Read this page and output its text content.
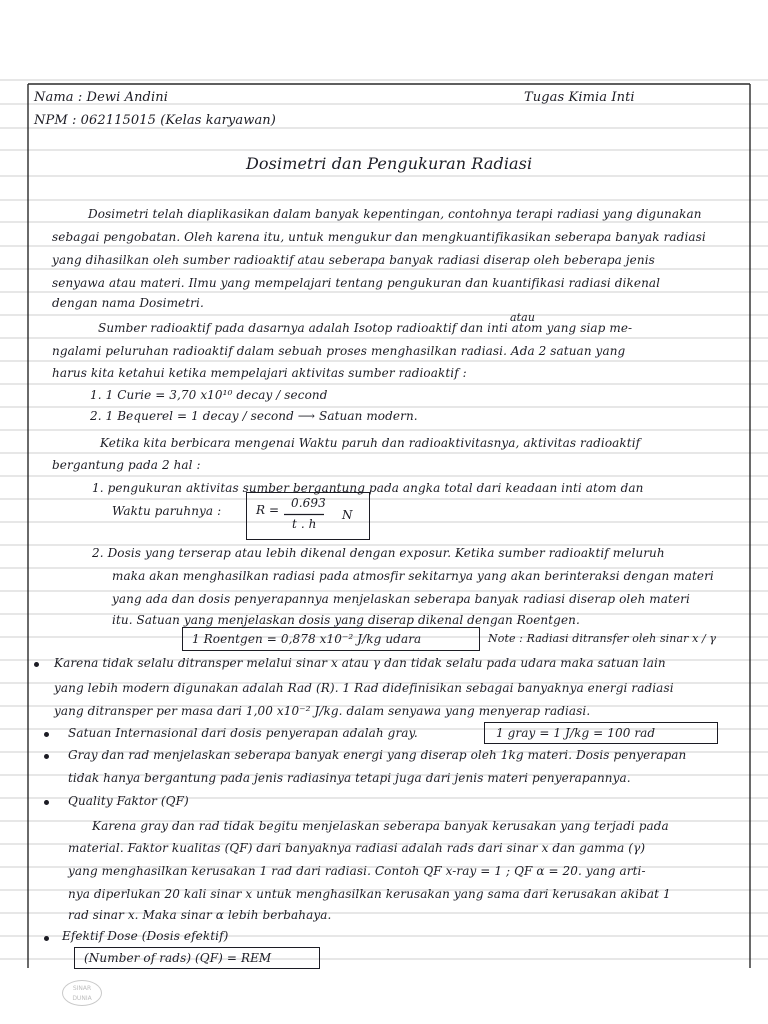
Nama : Dewi Andini
NPM : 062115015 (Kelas karyawan)
Tugas Kimia Inti
Dosimetri dan Pengukuran Radiasi
Dosimetri telah diaplikasikan dalam banyak kepentingan, contohnya terapi radiasi yang digunakan
sebagai pengobatan. Oleh karena itu, untuk mengukur dan mengkuantifikasikan seberapa banyak radiasi
yang dihasilkan oleh sumber radioaktif atau seberapa banyak radiasi diserap oleh beberapa jenis
senyawa atau materi. Ilmu yang mempelajari tentang pengukuran dan kuantifikasi radiasi dikenal
dengan nama Dosimetri.
atau
Sumber radioaktif pada dasarnya adalah Isotop radioaktif dan inti atom yang siap me-
ngalami peluruhan radioaktif dalam sebuah proses menghasilkan radiasi. Ada 2 satuan yang
harus kita ketahui ketika mempelajari aktivitas sumber radioaktif :
1. 1 Curie = 3,70 x10¹⁰ decay / second
2. 1 Bequerel = 1 decay / second ⟶ Satuan modern.
Ketika kita berbicara mengenai Waktu paruh dan radioaktivitasnya, aktivitas radioaktif
bergantung pada 2 hal :
1. pengukuran aktivitas sumber bergantung pada angka total dari keadaan inti atom dan
Waktu paruhnya :	R = 0.693
t . h
N
2. Dosis yang terserap atau lebih dikenal dengan exposur. Ketika sumber radioaktif meluruh
maka akan menghasilkan radiasi pada atmosfir sekitarnya yang akan berinteraksi dengan materi
yang ada dan dosis penyerapannya menjelaskan seberapa banyak radiasi diserap oleh materi
itu. Satuan yang menjelaskan dosis yang diserap dikenal dengan Roentgen.
1 Roentgen = 0,878 x10⁻² J/kg udara	Note : Radiasi ditransfer oleh sinar x / γ
Karena tidak selalu ditransper melalui sinar x atau γ dan tidak selalu pada udara maka satuan lain
yang lebih modern digunakan adalah Rad (R). 1 Rad didefinisikan sebagai banyaknya energi radiasi
yang ditransper per masa dari 1,00 x10⁻² J/kg. dalam senyawa yang menyerap radiasi.
Satuan Internasional dari dosis penyerapan adalah gray.	1 gray = 1 J/kg = 100 rad
Gray dan rad menjelaskan seberapa banyak energi yang diserap oleh 1kg materi. Dosis penyerapan
tidak hanya bergantung pada jenis radiasinya tetapi juga dari jenis materi penyerapannya.
Quality Faktor (QF)
Karena gray dan rad tidak begitu menjelaskan seberapa banyak kerusakan yang terjadi pada
material. Faktor kualitas (QF) dari banyaknya radiasi adalah rads dari sinar x dan gamma (γ)
yang menghasilkan kerusakan 1 rad dari radiasi. Contoh QF x-ray = 1 ; QF α = 20. yang arti-
nya diperlukan 20 kali sinar x untuk menghasilkan kerusakan yang sama dari kerusakan akibat 1
rad sinar x. Maka sinar α lebih berbahaya.
Efektif Dose (Dosis efektif)
(Number of rads) (QF) = REM
SINAR DUNIA
